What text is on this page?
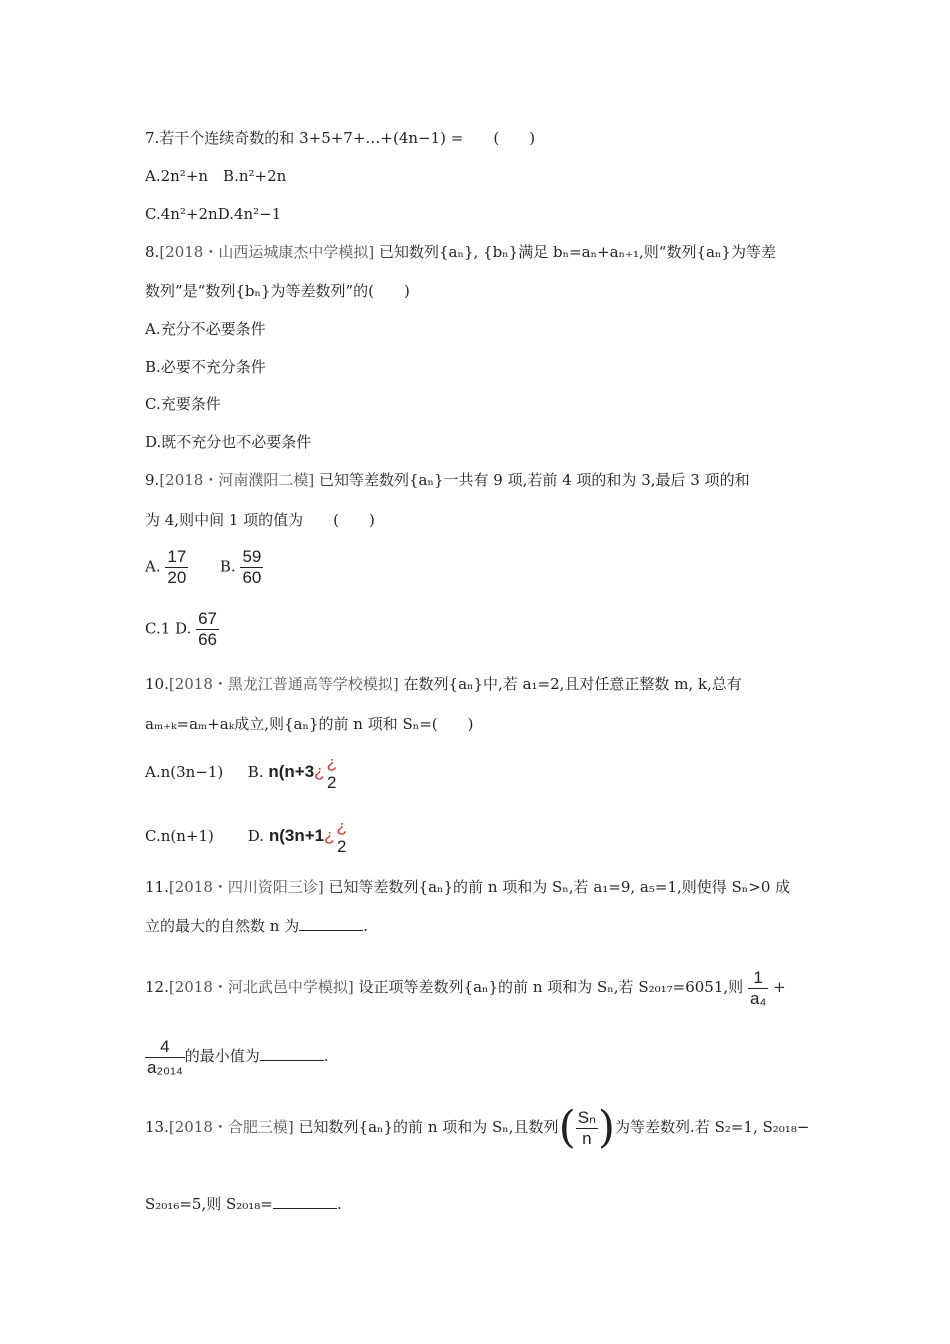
7.若干个连续奇数的和 3+5+7+…+(4n−1) =　　(　　)
A.2n²+n　B.n²+2n
C.4n²+2nD.4n²−1
8.[2018・山西运城康杰中学模拟] 已知数列{aₙ}, {bₙ}满足 bₙ=aₙ+aₙ₊₁,则“数列{aₙ}为等差
数列”是“数列{bₙ}为等差数列”的(　　)
A.充分不必要条件
B.必要不充分条件
C.充要条件
D.既不充分也不必要条件
9.[2018・河南濮阳二模] 已知等差数列{aₙ}一共有 9 项,若前 4 项的和为 3,最后 3 项的和
为 4,则中间 1 项的值为　　(　　)
A. $\frac{17}{20} B$. $\frac{59}{60}$
C.1 D. $\frac{67}{66}$
10.[2018・黑龙江普通高等学校模拟] 在数列{aₙ}中,若 a₁=2,且对任意正整数 m, k,总有
aₘ₊ₖ=aₘ+aₖ成立,则{aₙ}的前 n 项和 Sₙ=(　　)
A.n(3n−1) B. n(n+3¿ ¿
2
C.n(n+1) D. n(3n+1¿ ¿
2
11.[2018・四川资阳三诊] 已知等差数列{aₙ}的前 n 项和为 Sₙ,若 a₁=9, a₅=1,则使得 Sₙ>0 成
立的最大的自然数 n 为	.
12.[2018・河北武邑中学模拟] 设正项等差数列{aₙ}的前 n 项和为 Sₙ,若 S₂₀₁₇=6051,则 $\frac{1}{\text{a₄}}$ +
$\frac{4}{\text{a₂₀₁₄}}$ 的最小值为	.
13.[2018・合肥三模] 已知数列{aₙ}的前 n 项和为 Sₙ,且数列( $\frac{\text{Sₙ}}{n}$ )为等差数列.若 S₂=1, S₂₀₁₈−
S₂₀₁₆=5,则 S₂₀₁₈=	.
